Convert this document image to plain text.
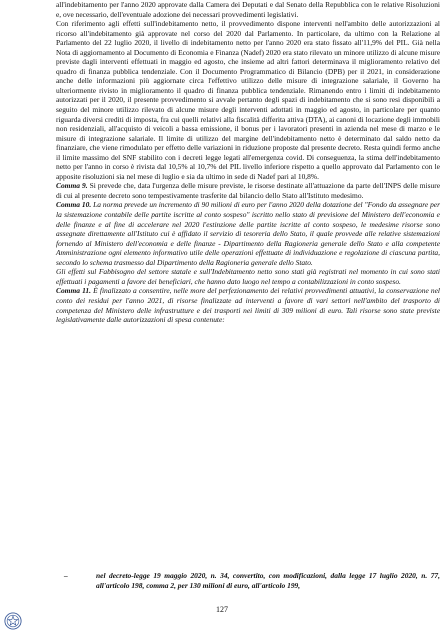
all'indebitamento per l'anno 2020 approvate dalla Camera dei Deputati e dal Senato della Repubblica con le relative Risoluzioni e, ove necessario, dell'eventuale adozione dei necessari provvedimenti legislativi.

Con riferimento agli effetti sull'indebitamento netto, il provvedimento dispone interventi nell'ambito delle autorizzazioni al ricorso all'indebitamento già approvate nel corso del 2020 dal Parlamento. In particolare, da ultimo con la Relazione al Parlamento del 22 luglio 2020, il livello di indebitamento netto per l'anno 2020 era stato fissato all'11,9% del PIL. Già nella Nota di aggiornamento al Documento di Economia e Finanza (Nadef) 2020 era stato rilevato un minore utilizzo di alcune misure previste dagli interventi effettuati in maggio ed agosto, che insieme ad altri fattori determinava il miglioramento relativo del quadro di finanza pubblica tendenziale. Con il Documento Programmatico di Bilancio (DPB) per il 2021, in considerazione anche delle informazioni più aggiornate circa l'effettivo utilizzo delle misure di integrazione salariale, il Governo ha ulteriormente rivisto in miglioramento il quadro di finanza pubblica tendenziale. Rimanendo entro i limiti di indebitamento autorizzati per il 2020, il presente provvedimento si avvale pertanto degli spazi di indebitamento che si sono resi disponibili a seguito del minore utilizzo rilevato di alcune misure degli interventi adottati in maggio ed agosto, in particolare per quanto riguarda diversi crediti di imposta, fra cui quelli relativi alla fiscalità differita attiva (DTA), ai canoni di locazione degli immobili non residenziali, all'acquisto di veicoli a bassa emissione, il bonus per i lavoratori presenti in azienda nel mese di marzo e le misure di integrazione salariale. Il limite di utilizzo del margine dell'indebitamento netto è determinato dal saldo netto da finanziare, che viene rimodulato per effetto delle variazioni in riduzione proposte dal presente decreto. Resta quindi fermo anche il limite massimo del SNF stabilito con i decreti legge legati all'emergenza covid. Di conseguenza, la stima dell'indebitamento netto per l'anno in corso è rivista dal 10,5% al 10,7% del PIL livello inferiore rispetto a quello approvato dal Parlamento con le apposite risoluzioni sia nel mese di luglio e sia da ultimo in sede di Nadef pari al 10,8%.

Comma 9. Si prevede che, data l'urgenza delle misure previste, le risorse destinate all'attuazione da parte dell'INPS delle misure di cui al presente decreto sono tempestivamente trasferite dal bilancio dello Stato all'Istituto medesimo.

Comma 10. La norma prevede un incremento di 90 milioni di euro per l'anno 2020 della dotazione del "Fondo da assegnare per la sistemazione contabile delle partite iscritte al conto sospeso" iscritto nello stato di previsione del Ministero dell'economia e delle finanze e al fine di accelerare nel 2020 l'estinzione delle partite iscritte al conto sospeso, le medesime risorse sono assegnate direttamente all'Istituto cui è affidato il servizio di tesoreria dello Stato, il quale provvede alle relative sistemazioni fornendo al Ministero dell'economia e delle finanze - Dipartimento della Ragioneria generale dello Stato e alla competente Amministrazione ogni elemento informativo utile delle operazioni effettuate di individuazione e regolazione di ciascuna partita, secondo lo schema trasmesso dal Dipartimento della Ragioneria generale dello Stato.

Gli effetti sul Fabbisogno del settore statale e sull'Indebitamento netto sono stati già registrati nel momento in cui sono stati effettuati i pagamenti a favore dei beneficiari, che hanno dato luogo nel tempo a contabilizzazioni in conto sospeso.

Comma 11. È finalizzato a consentire, nelle more del perfezionamento dei relativi provvedimenti attuativi, la conservazione nel conto dei residui per l'anno 2021, di risorse finalizzate ad interventi a favore di vari settori nell'ambito del trasporto di competenza del Ministero delle infrastrutture e dei trasporti nei limiti di 309 milioni di euro. Tali risorse sono state previste legislativamente dalle autorizzazioni di spesa contenute:

–	nel decreto-legge 19 maggio 2020, n. 34, convertito, con modificazioni, dalla legge 17 luglio 2020, n. 77, all'articolo 198, comma 2, per 130 milioni di euro, all'articolo 199,
127
